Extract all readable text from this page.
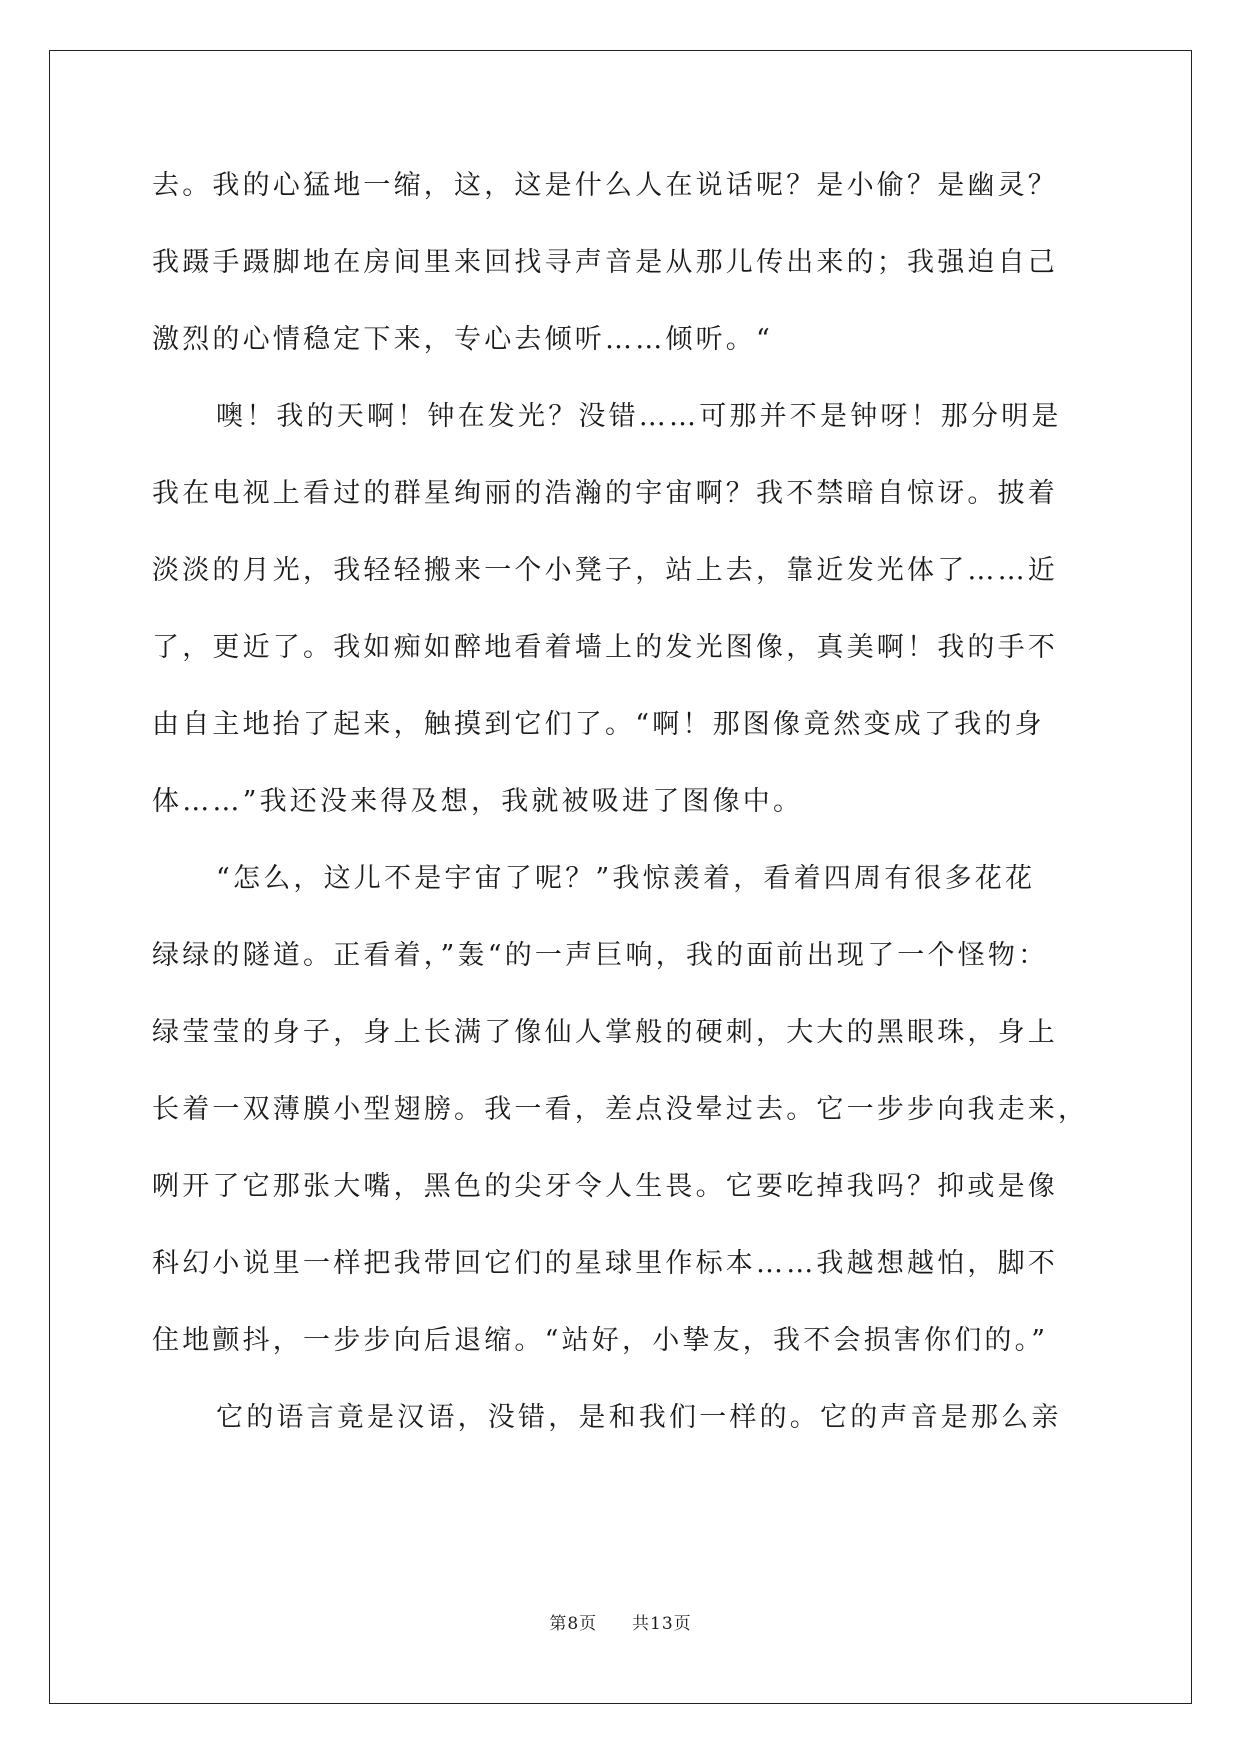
去。我的心猛地一缩，这，这是什么人在说话呢？是小偷？是幽灵？
我蹑手蹑脚地在房间里来回找寻声音是从那儿传出来的；我强迫自己
激烈的心情稳定下来，专心去倾听……倾听。“
噢！我的天啊！钟在发光？没错……可那并不是钟呀！那分明是
我在电视上看过的群星绚丽的浩瀚的宇宙啊？我不禁暗自惊讶。披着
淡淡的月光，我轻轻搬来一个小凳子，站上去，靠近发光体了……近
了，更近了。我如痴如醉地看着墙上的发光图像，真美啊！我的手不
由自主地抬了起来，触摸到它们了。“啊！那图像竟然变成了我的身
体……”我还没来得及想，我就被吸进了图像中。
“怎么，这儿不是宇宙了呢？”我惊羡着，看着四周有很多花花
绿绿的隧道。正看着，”轰“的一声巨响，我的面前出现了一个怪物：
绿莹莹的身子，身上长满了像仙人掌般的硬刺，大大的黑眼珠，身上
长着一双薄膜小型翅膀。我一看，差点没晕过去。它一步步向我走来，
咧开了它那张大嘴，黑色的尖牙令人生畏。它要吃掉我吗？抑或是像
科幻小说里一样把我带回它们的星球里作标本……我越想越怕，脚不
住地颤抖，一步步向后退缩。“站好，小挚友，我不会损害你们的。”
它的语言竟是汉语，没错，是和我们一样的。它的声音是那么亲
第8页 共13页
